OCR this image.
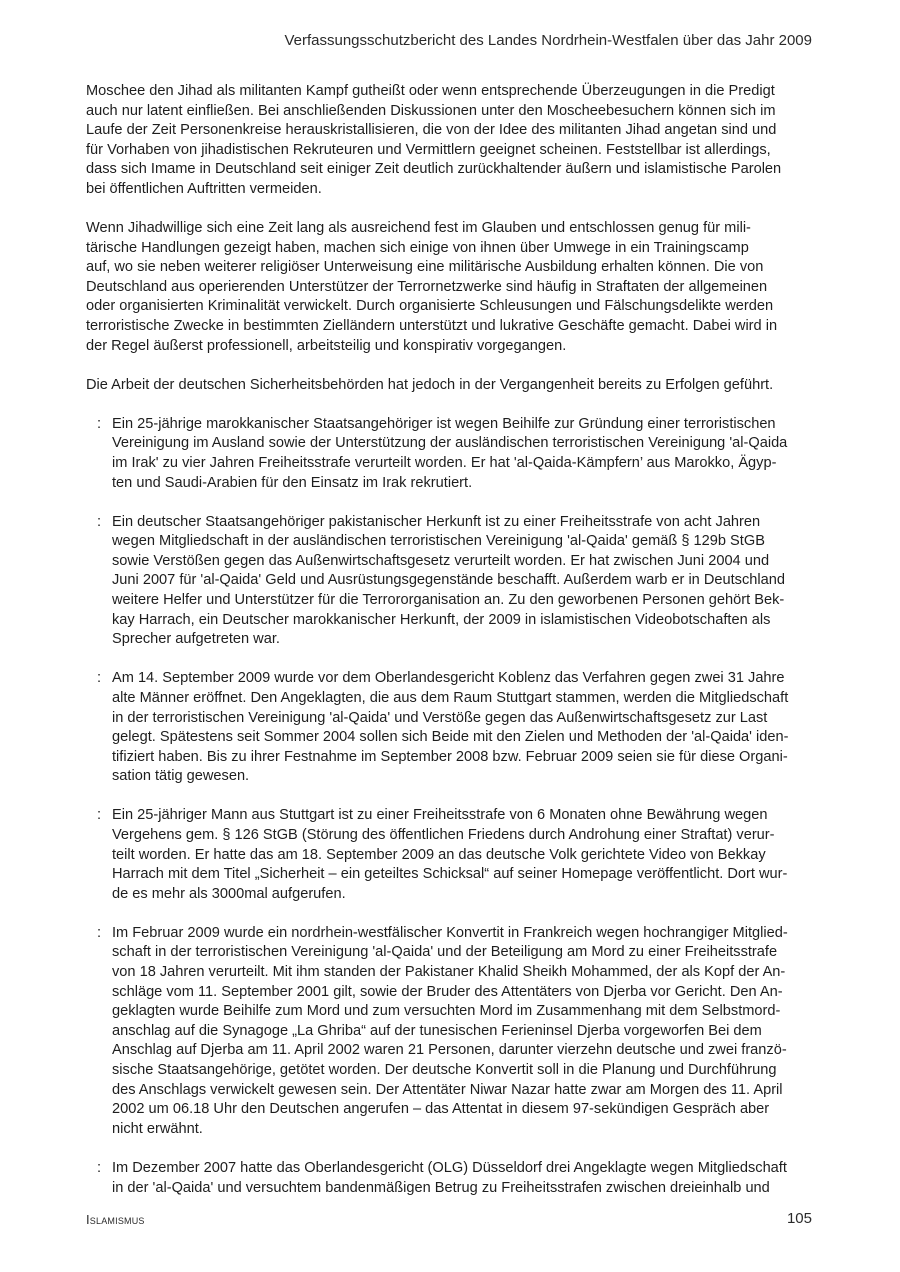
Verfassungsschutzbericht des Landes Nordrhein-Westfalen über das Jahr 2009

Moschee den Jihad als militanten Kampf gutheißt oder wenn entsprechende Überzeugungen in die Predigt
auch nur latent einfließen. Bei anschließenden Diskussionen unter den Moscheebesuchern können sich im
Laufe der Zeit Personenkreise herauskristallisieren, die von der Idee des militanten Jihad angetan sind und
für Vorhaben von jihadistischen Rekruteuren und Vermittlern geeignet scheinen. Feststellbar ist allerdings,
dass sich Imame in Deutschland seit einiger Zeit deutlich zurückhaltender äußern und islamistische Parolen
bei öffentlichen Auftritten vermeiden.

Wenn Jihadwillige sich eine Zeit lang als ausreichend fest im Glauben und entschlossen genug für mili-
tärische Handlungen gezeigt haben, machen sich einige von ihnen über Umwege in ein Trainingscamp
auf, wo sie neben weiterer religiöser Unterweisung eine militärische Ausbildung erhalten können. Die von
Deutschland aus operierenden Unterstützer der Terrornetzwerke sind häufig in Straftaten der allgemeinen
oder organisierten Kriminalität verwickelt. Durch organisierte Schleusungen und Fälschungsdelikte werden
terroristische Zwecke in bestimmten Zielländern unterstützt und lukrative Geschäfte gemacht. Dabei wird in
der Regel äußerst professionell, arbeitsteilig und konspirativ vorgegangen.

Die Arbeit der deutschen Sicherheitsbehörden hat jedoch in der Vergangenheit bereits zu Erfolgen geführt.

: Ein 25-jährige marokkanischer Staatsangehöriger ist wegen Beihilfe zur Gründung einer terroristischen
Vereinigung im Ausland sowie der Unterstützung der ausländischen terroristischen Vereinigung 'al-Qaida
im Irak' zu vier Jahren Freiheitsstrafe verurteilt worden. Er hat 'al-Qaida-Kämpfern’ aus Marokko, Ägyp-
ten und Saudi-Arabien für den Einsatz im Irak rekrutiert.
: Ein deutscher Staatsangehöriger pakistanischer Herkunft ist zu einer Freiheitsstrafe von acht Jahren
wegen Mitgliedschaft in der ausländischen terroristischen Vereinigung 'al-Qaida' gemäß § 129b StGB
sowie Verstößen gegen das Außenwirtschaftsgesetz verurteilt worden. Er hat zwischen Juni 2004 und
Juni 2007 für 'al-Qaida' Geld und Ausrüstungsgegenstände beschafft. Außerdem warb er in Deutschland
weitere Helfer und Unterstützer für die Terrororganisation an. Zu den geworbenen Personen gehört Bek-
kay Harrach, ein Deutscher marokkanischer Herkunft, der 2009 in islamistischen Videobotschaften als
Sprecher aufgetreten war.
: Am 14. September 2009 wurde vor dem Oberlandesgericht Koblenz das Verfahren gegen zwei 31 Jahre
alte Männer eröffnet. Den Angeklagten, die aus dem Raum Stuttgart stammen, werden die Mitgliedschaft
in der terroristischen Vereinigung 'al-Qaida' und Verstöße gegen das Außenwirtschaftsgesetz zur Last
gelegt. Spätestens seit Sommer 2004 sollen sich Beide mit den Zielen und Methoden der 'al-Qaida' iden-
tifiziert haben. Bis zu ihrer Festnahme im September 2008 bzw. Februar 2009 seien sie für diese Organi-
sation tätig gewesen.
: Ein 25-jähriger Mann aus Stuttgart ist zu einer Freiheitsstrafe von 6 Monaten ohne Bewährung wegen
Vergehens gem. § 126 StGB (Störung des öffentlichen Friedens durch Androhung einer Straftat) verur-
teilt worden. Er hatte das am 18. September 2009 an das deutsche Volk gerichtete Video von Bekkay
Harrach mit dem Titel „Sicherheit – ein geteiltes Schicksal“ auf seiner Homepage veröffentlicht. Dort wur-
de es mehr als 3000mal aufgerufen.
: Im Februar 2009 wurde ein nordrhein-westfälischer Konvertit in Frankreich wegen hochrangiger Mitglied-
schaft in der terroristischen Vereinigung 'al-Qaida' und der Beteiligung am Mord zu einer Freiheitsstrafe
von 18 Jahren verurteilt. Mit ihm standen der Pakistaner Khalid Sheikh Mohammed, der als Kopf der An-
schläge vom 11. September 2001 gilt, sowie der Bruder des Attentäters von Djerba vor Gericht. Den An-
geklagten wurde Beihilfe zum Mord und zum versuchten Mord im Zusammenhang mit dem Selbstmord-
anschlag auf die Synagoge „La Ghriba“ auf der tunesischen Ferieninsel Djerba vorgeworfen Bei dem
Anschlag auf Djerba am 11. April 2002 waren 21 Personen, darunter vierzehn deutsche und zwei franzö-
sische Staatsangehörige, getötet worden. Der deutsche Konvertit soll in die Planung und Durchführung
des Anschlags verwickelt gewesen sein. Der Attentäter Niwar Nazar hatte zwar am Morgen des 11. April
2002 um 06.18 Uhr den Deutschen angerufen – das Attentat in diesem 97-sekündigen Gespräch aber
nicht erwähnt.
: Im Dezember 2007 hatte das Oberlandesgericht (OLG) Düsseldorf drei Angeklagte wegen Mitgliedschaft
in der 'al-Qaida' und versuchtem bandenmäßigen Betrug zu Freiheitsstrafen zwischen dreieinhalb und
Islamismus	105
